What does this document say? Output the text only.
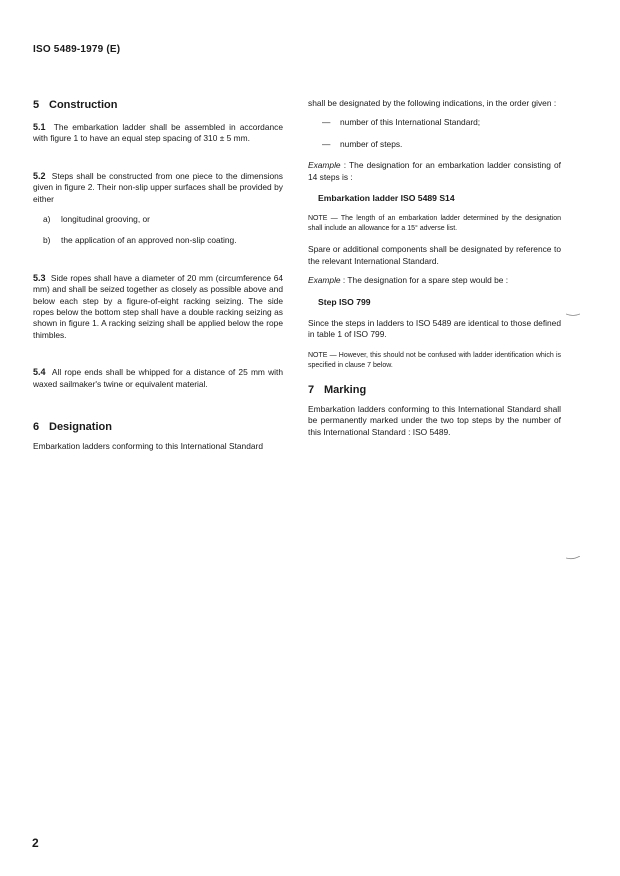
ISO 5489-1979 (E)
5 Construction

5.1 The embarkation ladder shall be assembled in accordance with figure 1 to have an equal step spacing of 310 ± 5 mm.

5.2 Steps shall be constructed from one piece to the dimensions given in figure 2. Their non-slip upper surfaces shall be provided by either

a) longitudinal grooving, or
b) the application of an approved non-slip coating.

5.3 Side ropes shall have a diameter of 20 mm (circumference 64 mm) and shall be seized together as closely as possible above and below each step by a figure-of-eight racking seizing. The side ropes below the bottom step shall have a double racking seizing as shown in figure 1. A racking seizing shall be applied below the rope thimbles.

5.4 All rope ends shall be whipped for a distance of 25 mm with waxed sailmaker's twine or equivalent material.

6 Designation

Embarkation ladders conforming to this International Standard

shall be designated by the following indications, in the order given :

— number of this International Standard;
— number of steps.

Example : The designation for an embarkation ladder consisting of 14 steps is :

Embarkation ladder ISO 5489 S14

NOTE — The length of an embarkation ladder determined by the designation shall include an allowance for a 15° adverse list.

Spare or additional components shall be designated by reference to the relevant International Standard.

Example : The designation for a spare step would be :

Step ISO 799

Since the steps in ladders to ISO 5489 are identical to those defined in table 1 of ISO 799.

NOTE — However, this should not be confused with ladder identification which is specified in clause 7 below.

7 Marking

Embarkation ladders conforming to this International Standard shall be permanently marked under the two top steps by the number of this International Standard : ISO 5489.

2
